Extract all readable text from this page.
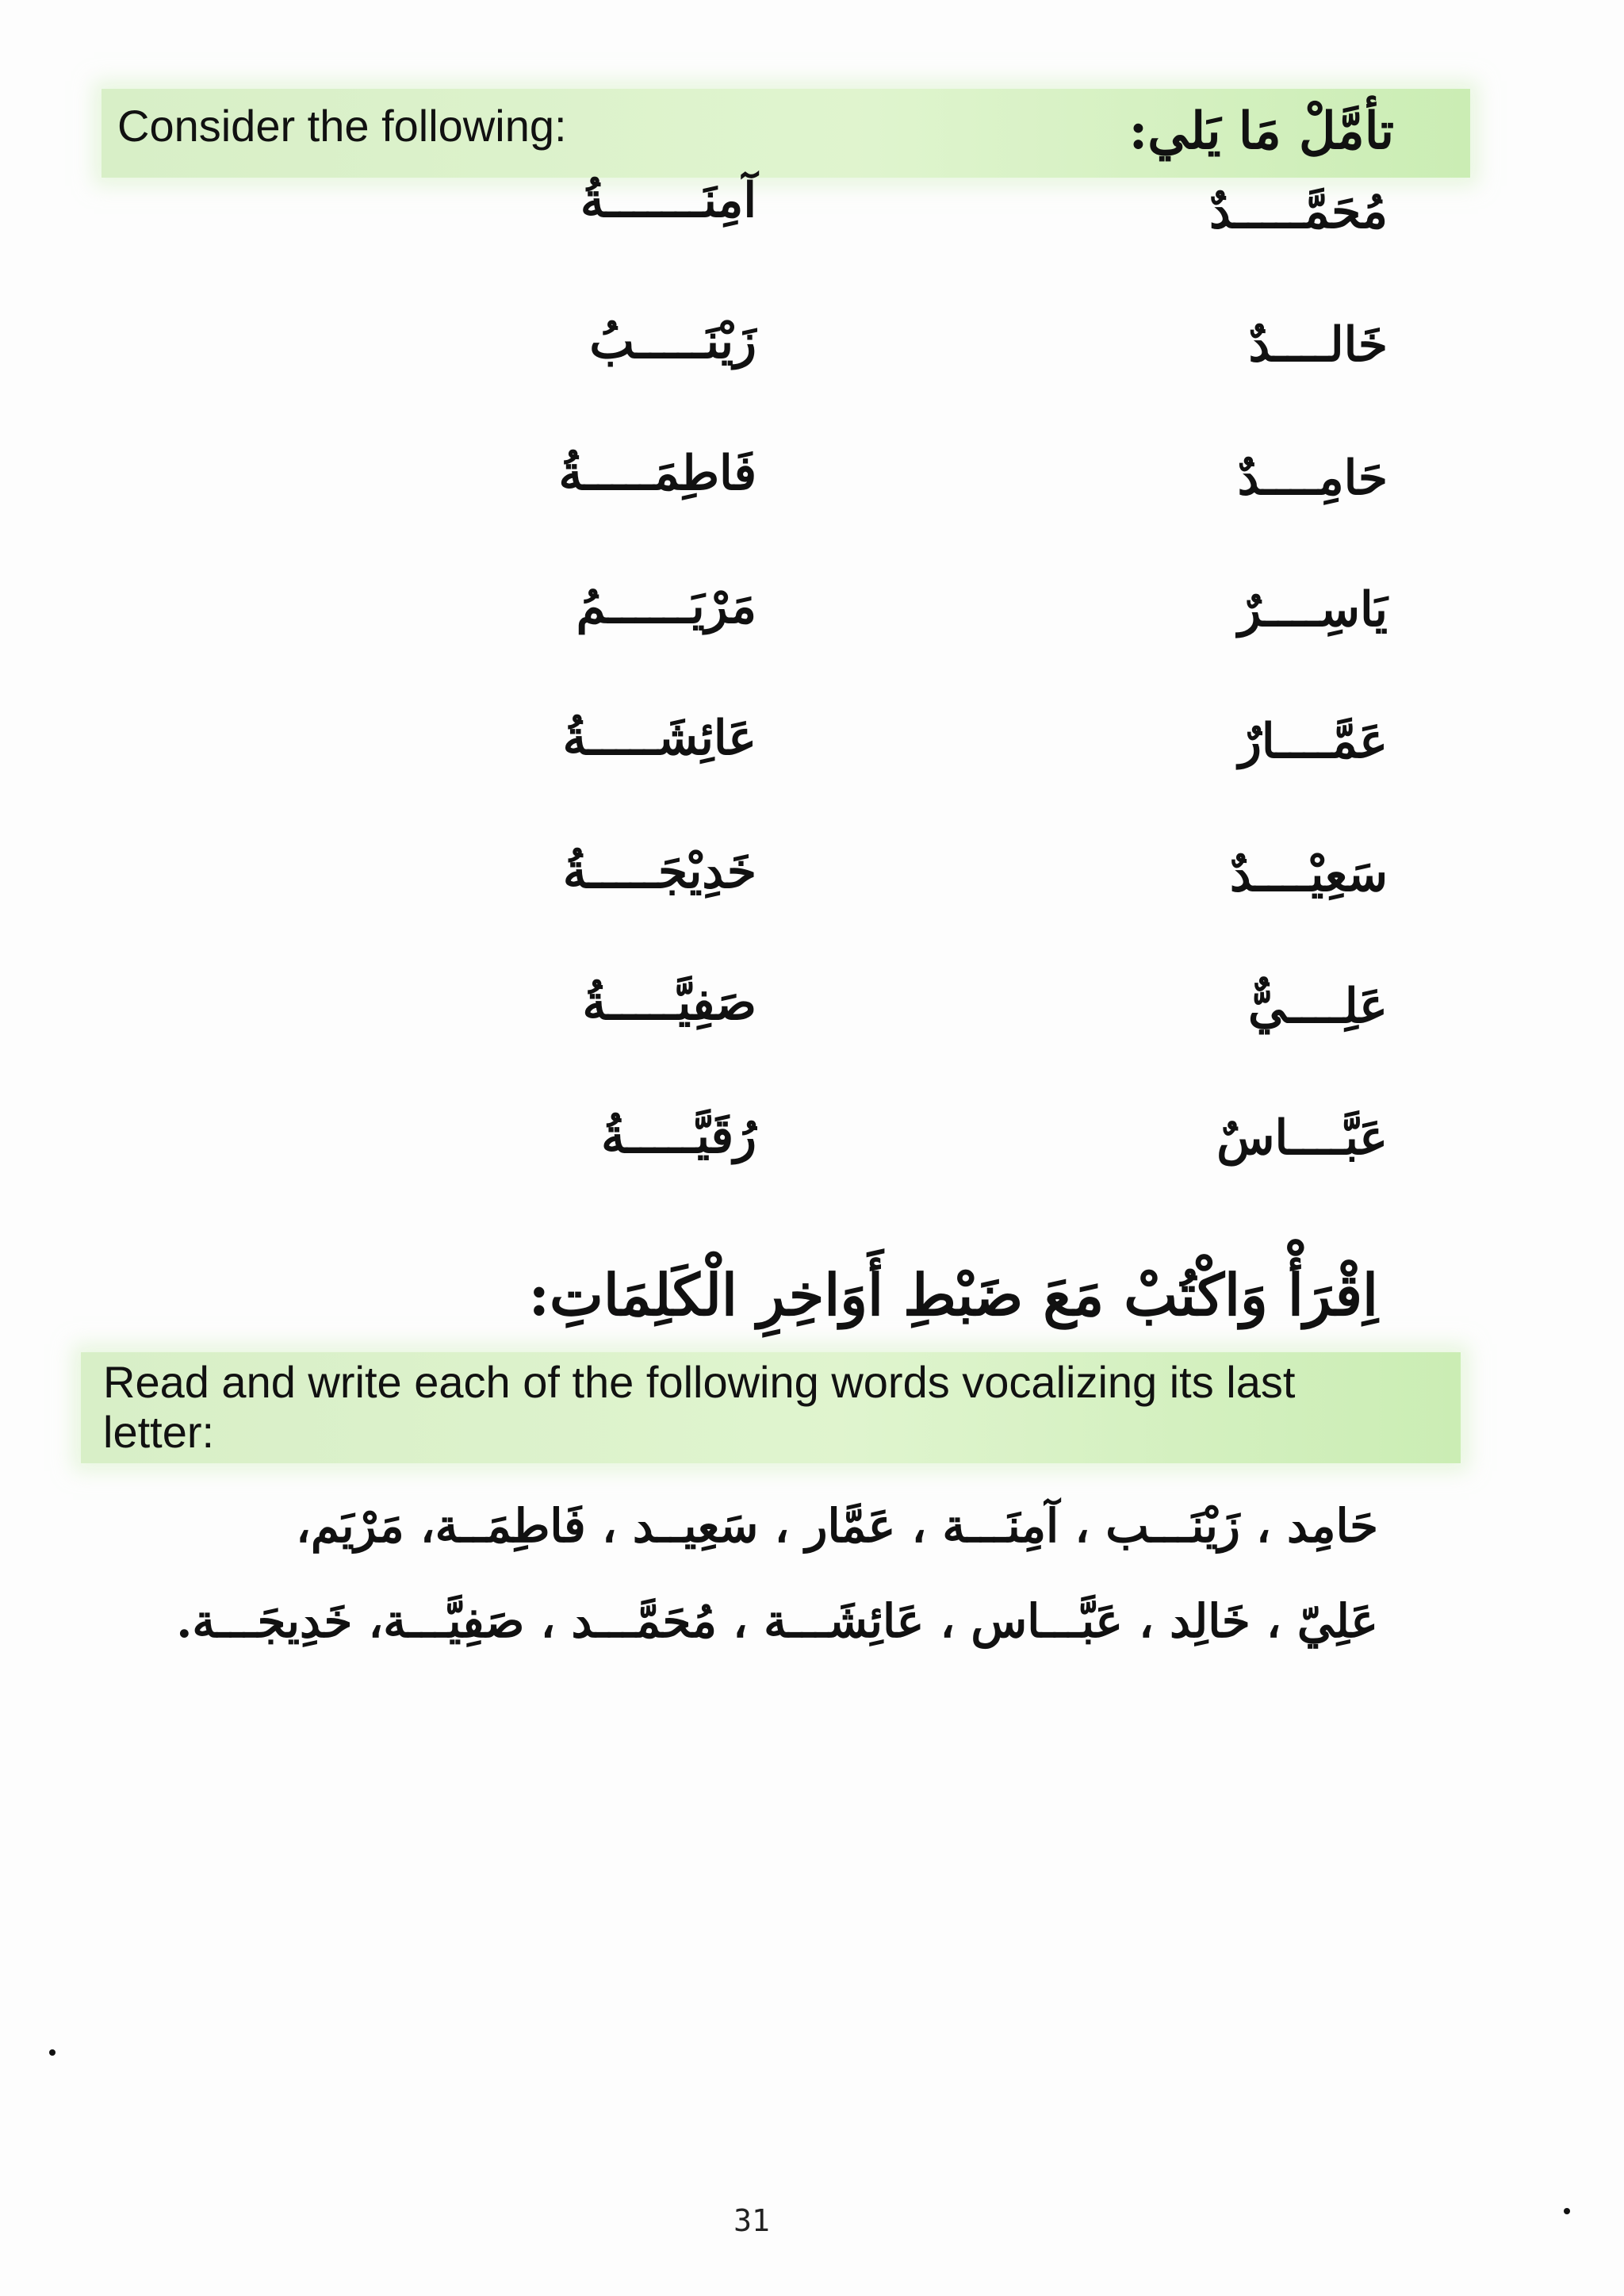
Consider the following:	تأمَّلْ مَا يَلي:
مُحَمَّـــــدٌ
خَالــــدٌ
حَامِــــدٌ
يَاسِــــرٌ
عَمَّــــارٌ
سَعِيْــــدٌ
عَلِــــيٌّ
عَبَّــــاسٌ
آمِنَـــــــةُ
زَيْنَـــــبُ
فَاطِمَـــــةُ
مَرْيَــــــمُ
عَائِشَـــــةُ
خَدِيْجَـــــةُ
صَفِيَّـــــةُ
رُقَيَّـــــةُ
اِقْرَأْ وَاكْتُبْ مَعَ ضَبْطِ أَوَاخِرِ الْكَلِمَاتِ:
Read and write each of the following words vocalizing its last letter:
حَامِد ، زَيْنَـــب ، آمِنَـــة ، عَمَّار ، سَعِيــد ، فَاطِمَــة، مَرْيَم،
عَلِيّ ، خَالِد ، عَبَّـــاس ، عَائِشَـــة ، مُحَمَّـــد ، صَفِيَّـــة، خَدِيجَـــة.
31
